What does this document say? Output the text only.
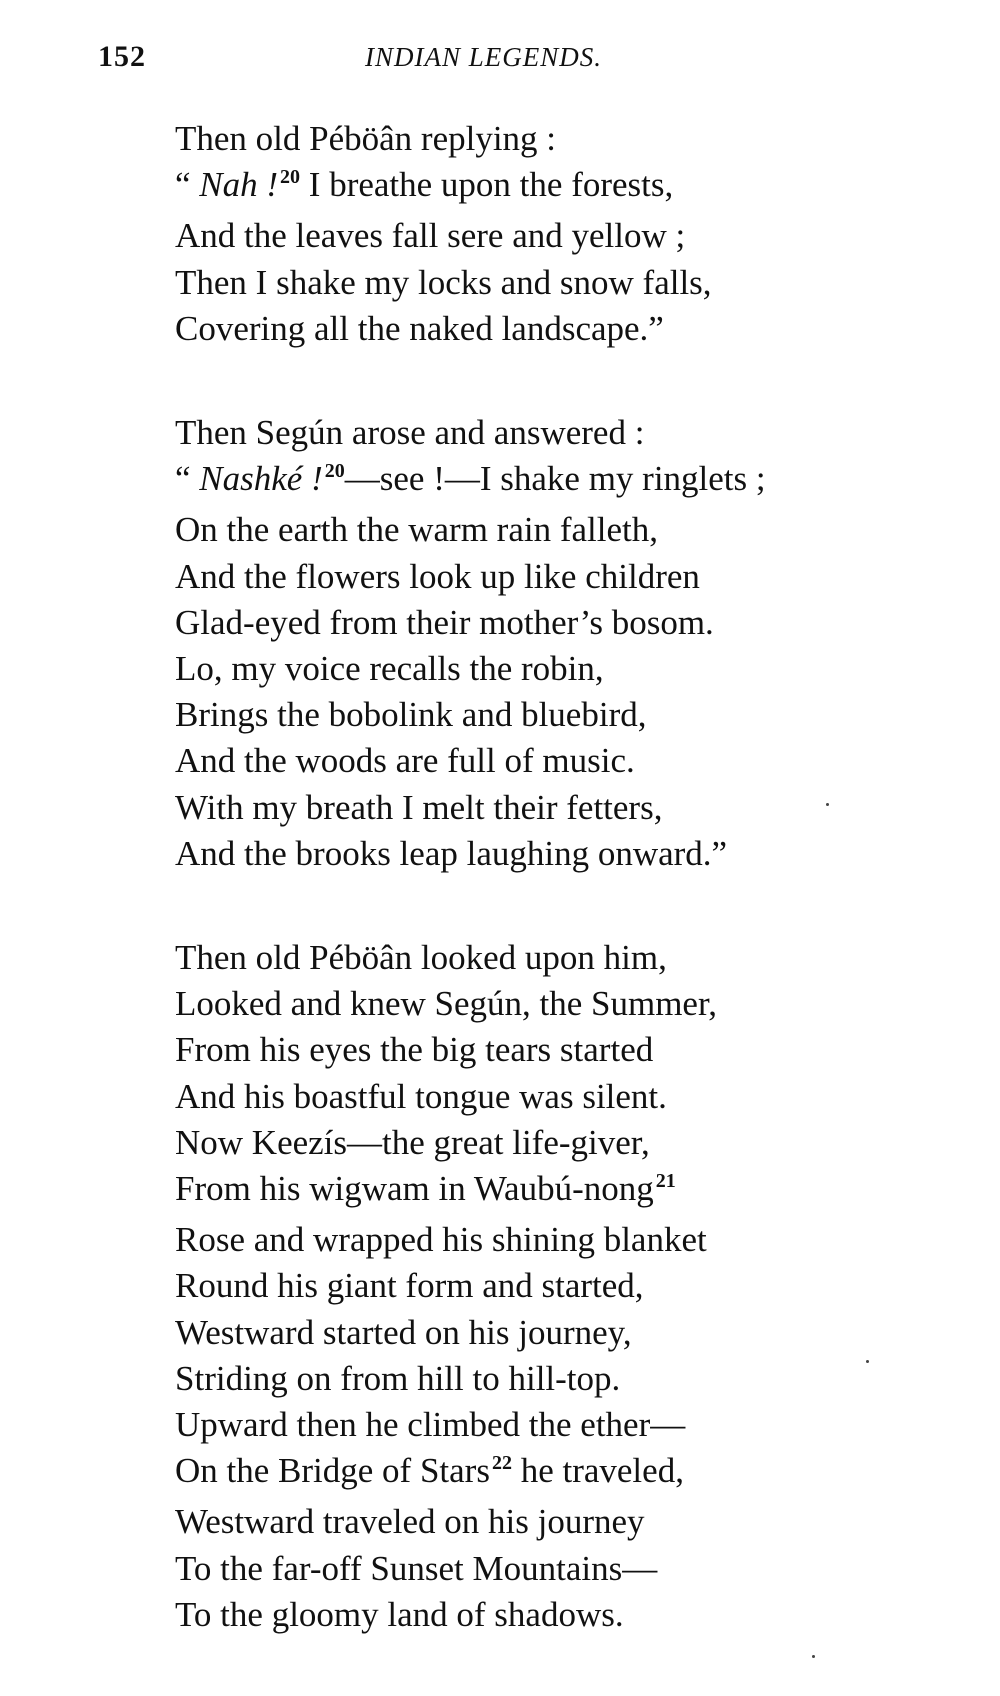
152	INDIAN LEGENDS.
Then old Péböân replying :
“ Nah ! $^{20}$ I breathe upon the forests,
And the leaves fall sere and yellow ;
Then I shake my locks and snow falls,
Covering all the naked landscape.”
Then Según arose and answered :
“ Nashké ! $^{20}$—see !—I shake my ringlets ;
On the earth the warm rain falleth,
And the flowers look up like children
Glad-eyed from their mother’s bosom.
Lo, my voice recalls the robin,
Brings the bobolink and bluebird,
And the woods are full of music.
With my breath I melt their fetters,
And the brooks leap laughing onward.”
Then old Péböân looked upon him,
Looked and knew Según, the Summer,
From his eyes the big tears started
And his boastful tongue was silent.
Now Keezís—the great life-giver,
From his wigwam in Waubú-nong $^{21}$
Rose and wrapped his shining blanket
Round his giant form and started,
Westward started on his journey,
Striding on from hill to hill-top.
Upward then he climbed the ether—
On the Bridge of Stars $^{22}$ he traveled,
Westward traveled on his journey
To the far-off Sunset Mountains—
To the gloomy land of shadows.
